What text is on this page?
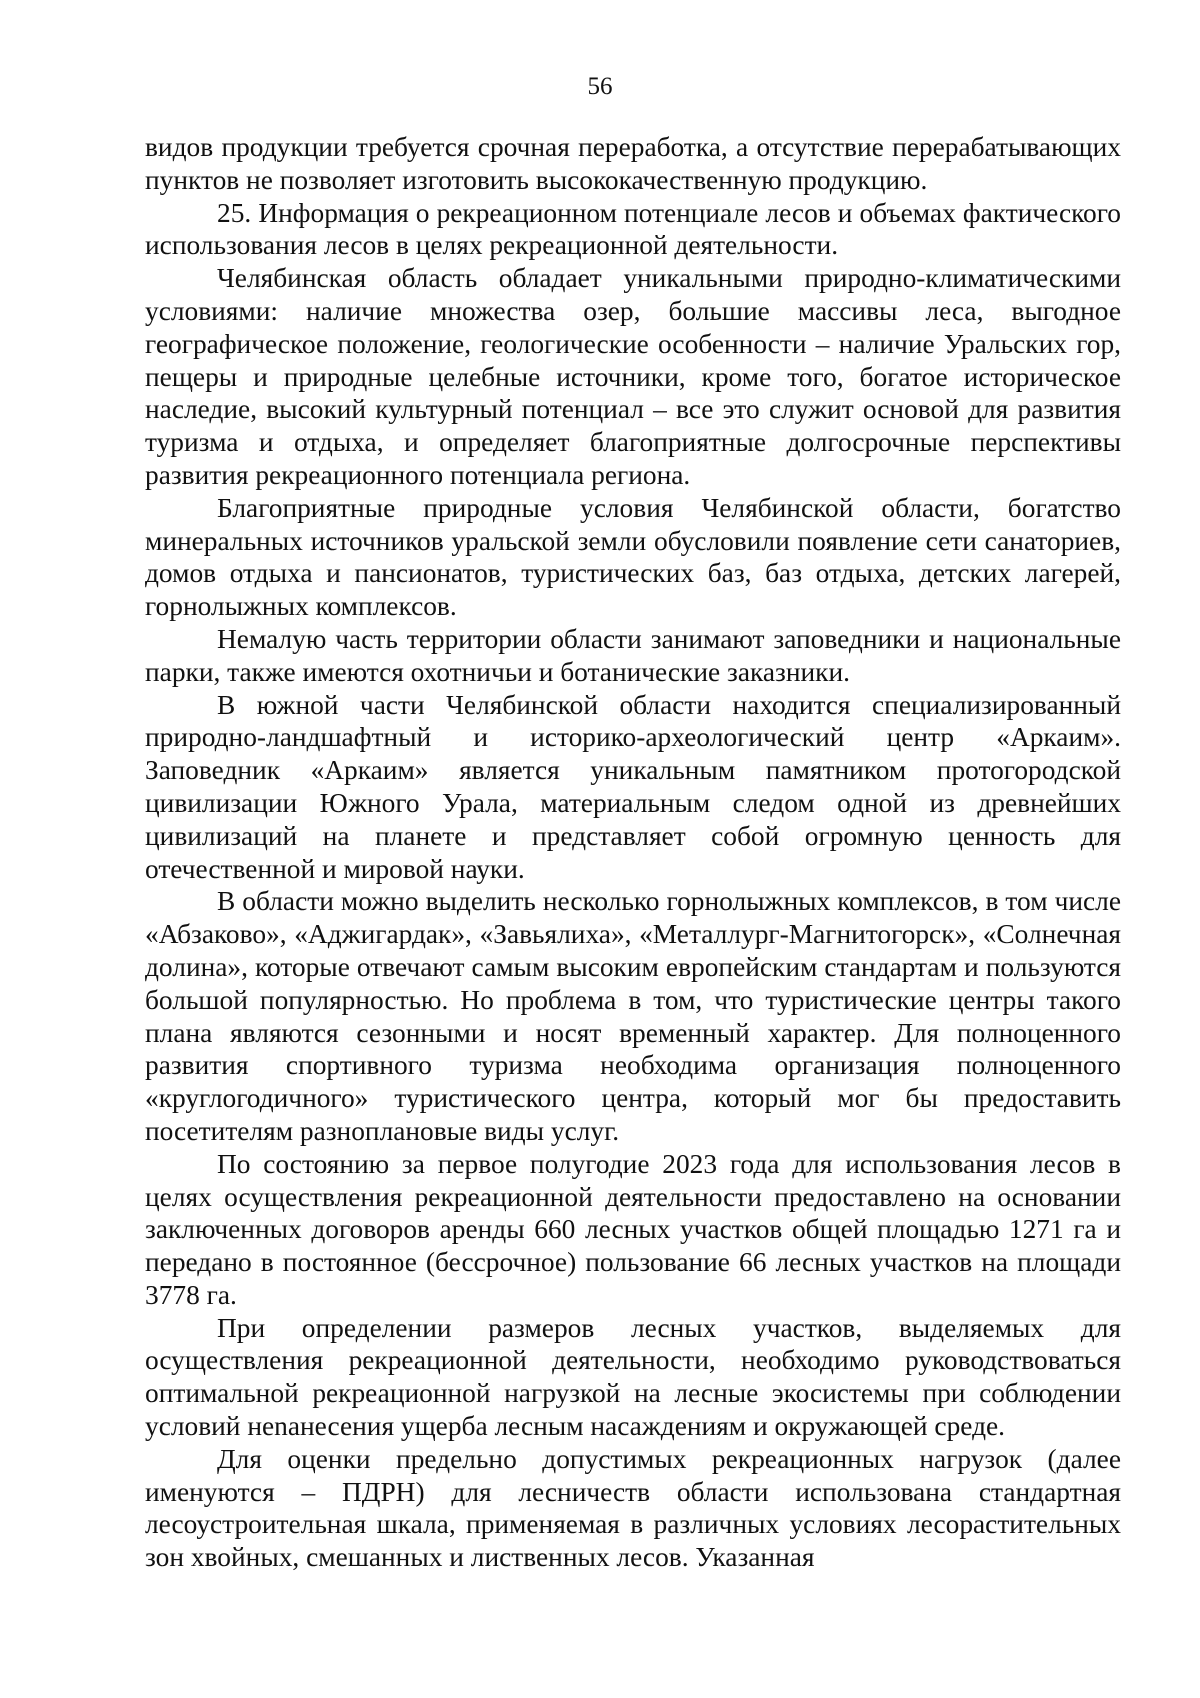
56

видов продукции требуется срочная переработка, а отсутствие перерабатывающих пунктов не позволяет изготовить высококачественную продукцию.

25. Информация о рекреационном потенциале лесов и объемах фактического использования лесов в целях рекреационной деятельности.

Челябинская область обладает уникальными природно-климатическими условиями: наличие множества озер, большие массивы леса, выгодное географическое положение, геологические особенности – наличие Уральских гор, пещеры и природные целебные источники, кроме того, богатое историческое наследие, высокий культурный потенциал – все это служит основой для развития туризма и отдыха, и определяет благоприятные долгосрочные перспективы развития рекреационного потенциала региона.

Благоприятные природные условия Челябинской области, богатство минеральных источников уральской земли обусловили появление сети санаториев, домов отдыха и пансионатов, туристических баз, баз отдыха, детских лагерей, горнолыжных комплексов.

Немалую часть территории области занимают заповедники и национальные парки, также имеются охотничьи и ботанические заказники.

В южной части Челябинской области находится специализированный природно-ландшафтный и историко-археологический центр «Аркаим». Заповедник «Аркаим» является уникальным памятником протогородской цивилизации Южного Урала, материальным следом одной из древнейших цивилизаций на планете и представляет собой огромную ценность для отечественной и мировой науки.

В области можно выделить несколько горнолыжных комплексов, в том числе «Абзаково», «Аджигардак», «Завьялиха», «Металлург-Магнитогорск», «Солнечная долина», которые отвечают самым высоким европейским стандартам и пользуются большой популярностью. Но проблема в том, что туристические центры такого плана являются сезонными и носят временный характер. Для полноценного развития спортивного туризма необходима организация полноценного «круглогодичного» туристического центра, который мог бы предоставить посетителям разноплановые виды услуг.

По состоянию за первое полугодие 2023 года для использования лесов в целях осуществления рекреационной деятельности предоставлено на основании заключенных договоров аренды 660 лесных участков общей площадью 1271 га и передано в постоянное (бессрочное) пользование 66 лесных участков на площади 3778 га.

При определении размеров лесных участков, выделяемых для осуществления рекреационной деятельности, необходимо руководствоваться оптимальной рекреационной нагрузкой на лесные экосистемы при соблюдении условий нenанесения ущерба лесным насаждениям и окружающей среде.

Для оценки предельно допустимых рекреационных нагрузок (далее именуются – ПДРН) для лесничеств области использована стандартная лесоустроительная шкала, применяемая в различных условиях лесорастительных зон хвойных, смешанных и лиственных лесов. Указанная
